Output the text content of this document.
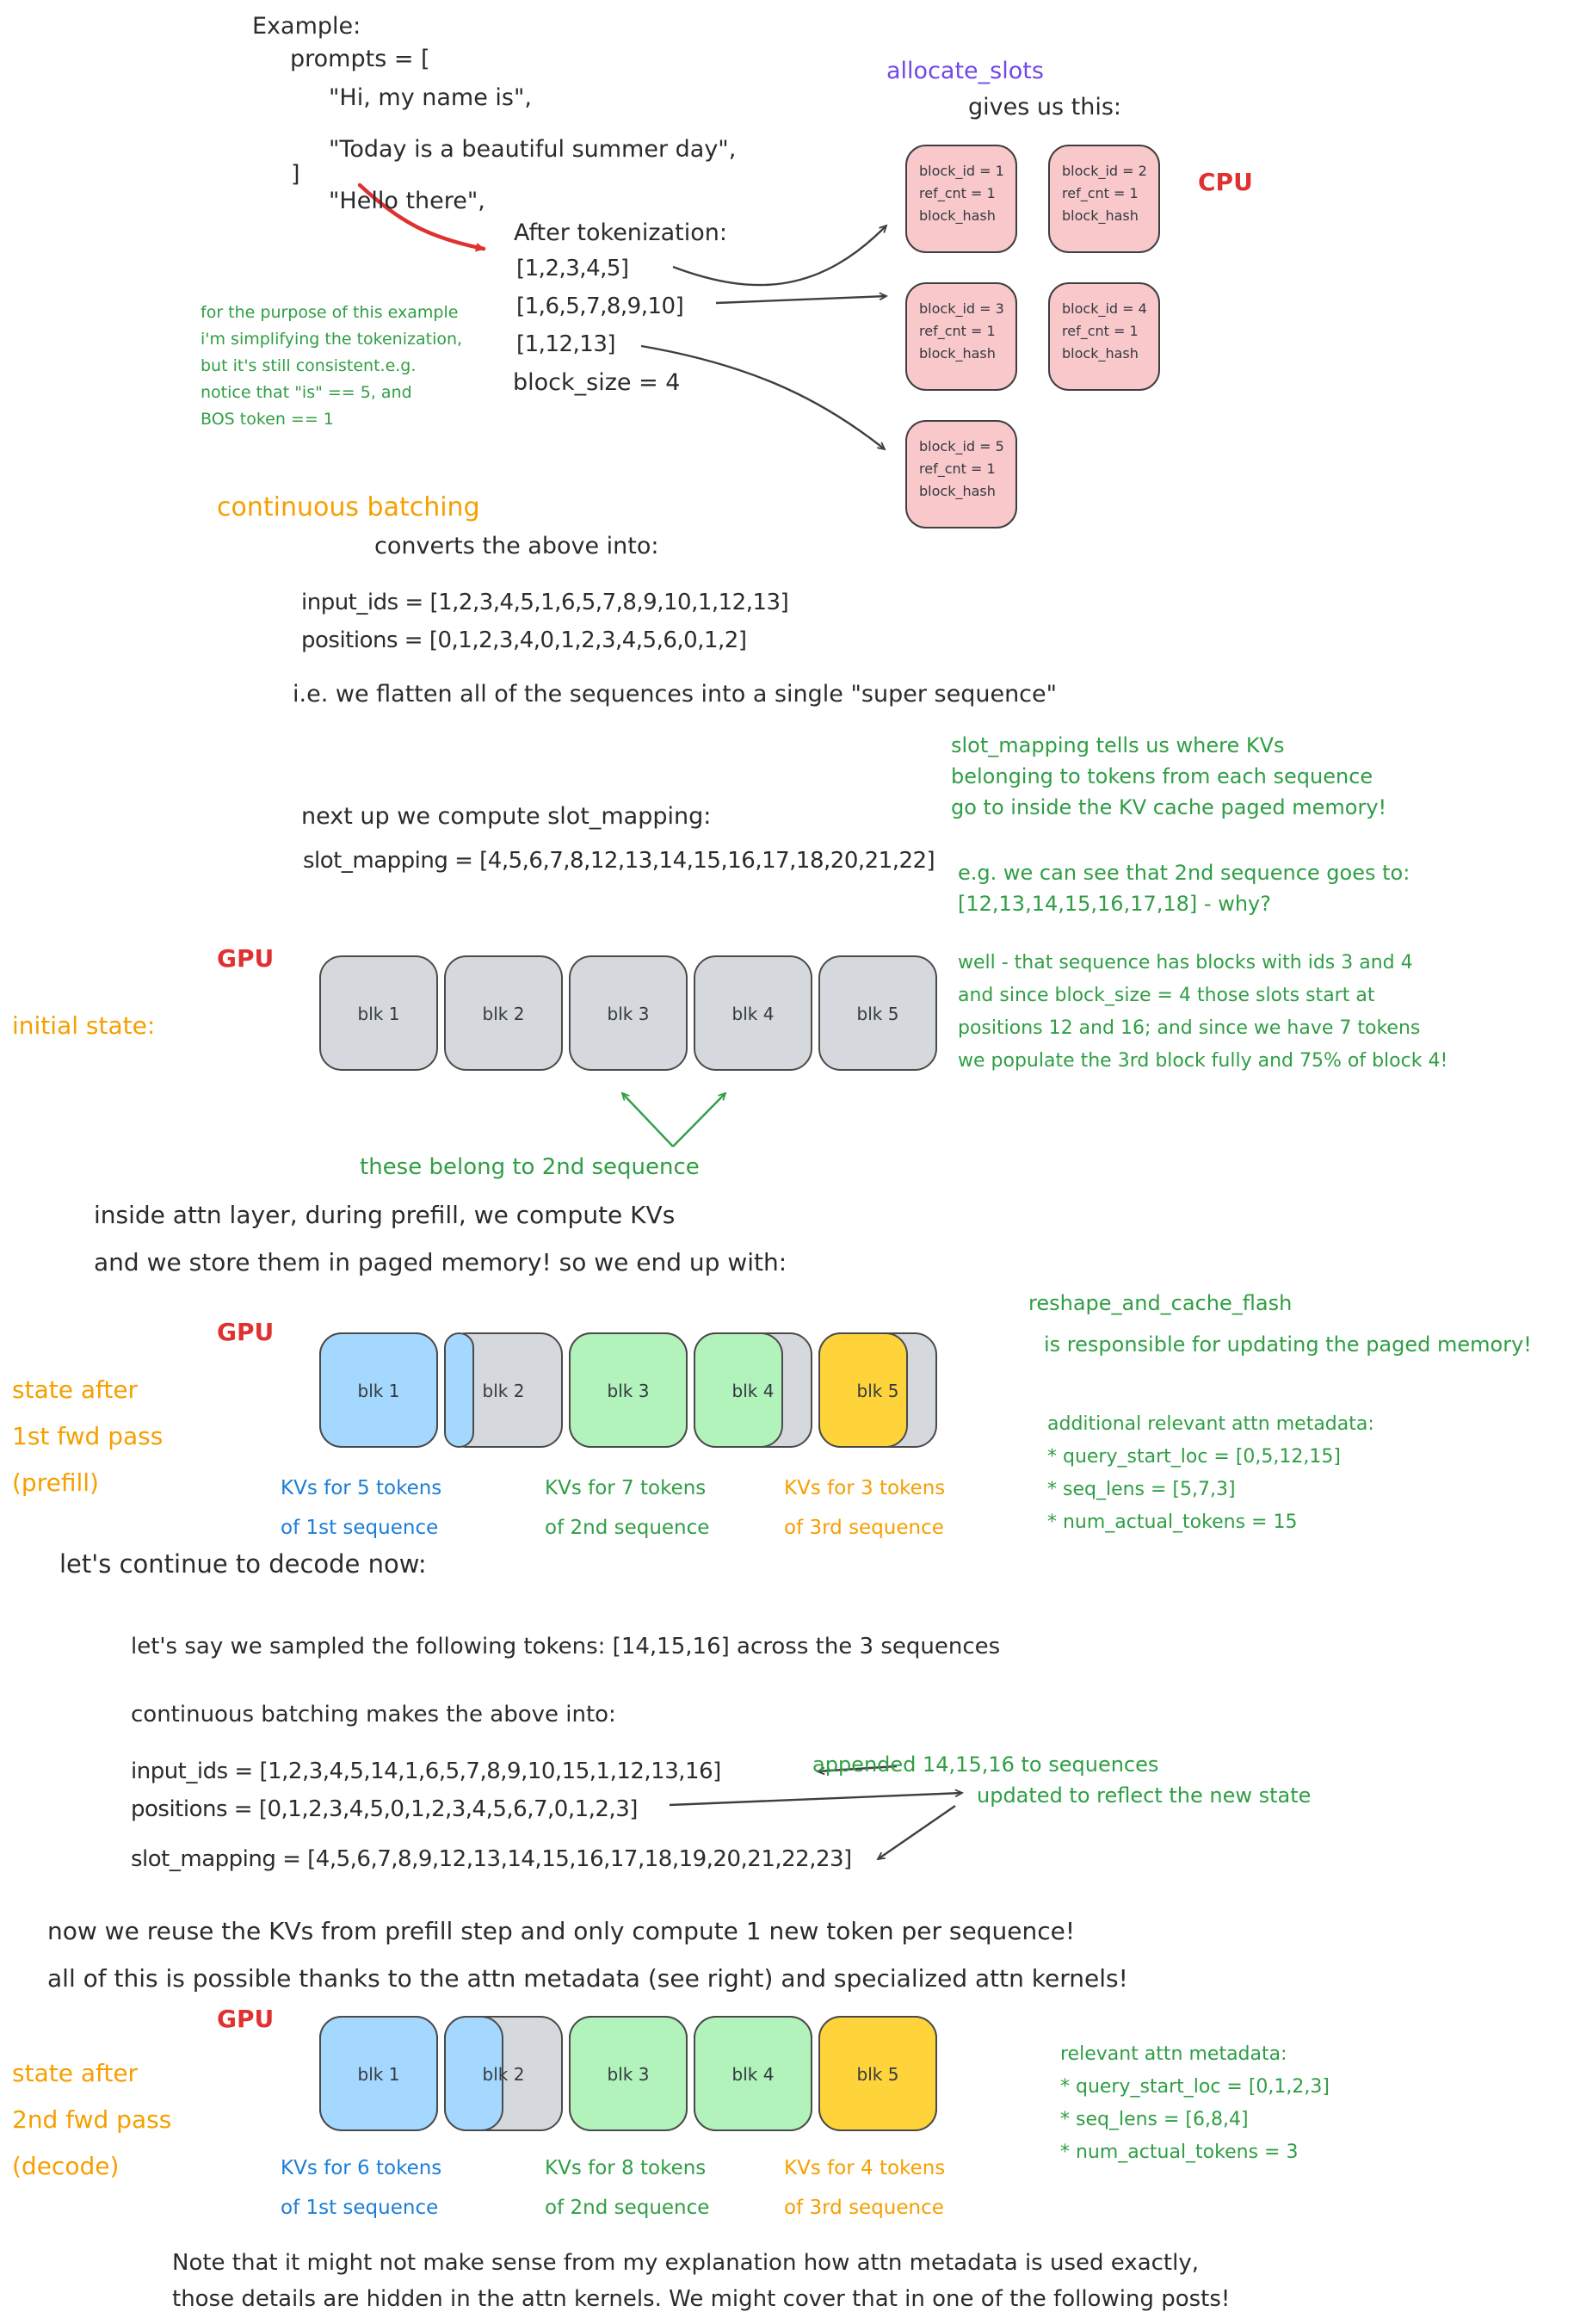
Example:
prompts = [
"Hi, my name is",
"Today is a beautiful summer day",
"Hello there",
]
After tokenization:
[1,2,3,4,5]
[1,6,5,7,8,9,10]
[1,12,13]
block_size = 4
for the purpose of this example
i'm simplifying the tokenization,
but it's still consistent.e.g.
notice that "is" == 5, and
BOS token == 1
allocate_slots
gives us this:
CPU
block_id = 1
ref_cnt = 1
block_hash
block_id = 2
ref_cnt = 1
block_hash
block_id = 3
ref_cnt = 1
block_hash
block_id = 4
ref_cnt = 1
block_hash
block_id = 5
ref_cnt = 1
block_hash
continuous batching
converts the above into:
input_ids = [1,2,3,4,5,1,6,5,7,8,9,10,1,12,13]
positions = [0,1,2,3,4,0,1,2,3,4,5,6,0,1,2]
i.e. we flatten all of the sequences into a single "super sequence"
next up we compute slot_mapping:
slot_mapping = [4,5,6,7,8,12,13,14,15,16,17,18,20,21,22]
slot_mapping tells us where KVs
belonging to tokens from each sequence
go to inside the KV cache paged memory!
e.g. we can see that 2nd sequence goes to:
[12,13,14,15,16,17,18] - why?
well - that sequence has blocks with ids 3 and 4
and since block_size = 4 those slots start at
positions 12 and 16; and since we have 7 tokens
we populate the 3rd block fully and 75% of block 4!
GPU
initial state:	blk 1	blk 2	blk 3	blk 4	blk 5
these belong to 2nd sequence
inside attn layer, during prefill, we compute KVs
and we store them in paged memory! so we end up with:
GPU
state after
1st fwd pass
(prefill)
blk 1	blk 2	blk 3	blk 4	blk 5
KVs for 5 tokens
of 1st sequence
KVs for 7 tokens
of 2nd sequence
KVs for 3 tokens
of 3rd sequence
reshape_and_cache_flash
is responsible for updating the paged memory!
additional relevant attn metadata:
* query_start_loc = [0,5,12,15]
* seq_lens = [5,7,3]
* num_actual_tokens = 15
let's continue to decode now:
let's say we sampled the following tokens: [14,15,16] across the 3 sequences
continuous batching makes the above into:
input_ids = [1,2,3,4,5,14,1,6,5,7,8,9,10,15,1,12,13,16]
positions = [0,1,2,3,4,5,0,1,2,3,4,5,6,7,0,1,2,3]
slot_mapping = [4,5,6,7,8,9,12,13,14,15,16,17,18,19,20,21,22,23]
appended 14,15,16 to sequences
updated to reflect the new state
now we reuse the KVs from prefill step and only compute 1 new token per sequence!
all of this is possible thanks to the attn metadata (see right) and specialized attn kernels!
GPU
state after
2nd fwd pass
(decode)
blk 1	blk 2	blk 3	blk 4	blk 5
KVs for 6 tokens
of 1st sequence
KVs for 8 tokens
of 2nd sequence
KVs for 4 tokens
of 3rd sequence
relevant attn metadata:
* query_start_loc = [0,1,2,3]
* seq_lens = [6,8,4]
* num_actual_tokens = 3
Note that it might not make sense from my explanation how attn metadata is used exactly,
those details are hidden in the attn kernels. We might cover that in one of the following posts!
